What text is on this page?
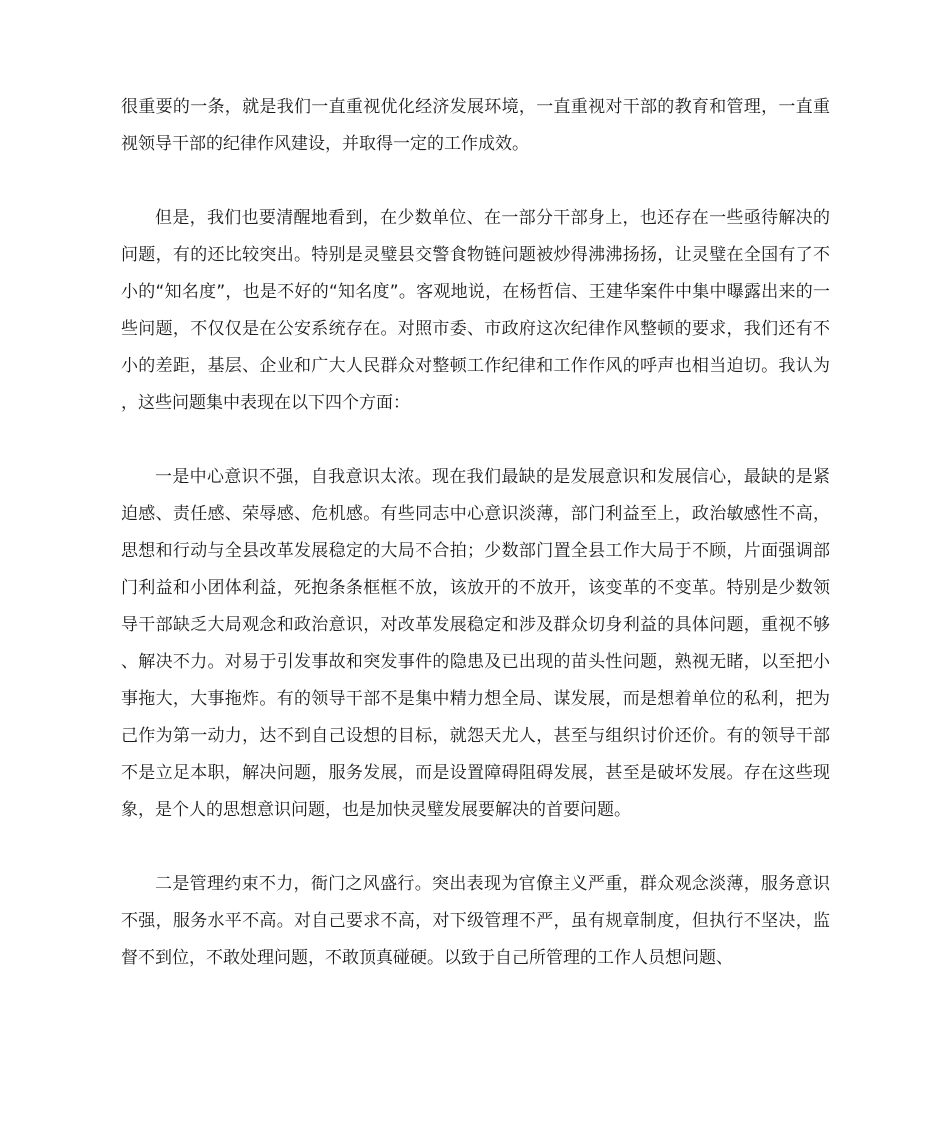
很重要的一条，就是我们一直重视优化经济发展环境，一直重视对干部的教育和管理，一直重视领导干部的纪律作风建设，并取得一定的工作成效。

但是，我们也要清醒地看到，在少数单位、在一部分干部身上，也还存在一些亟待解决的问题，有的还比较突出。特别是灵璧县交警食物链问题被炒得沸沸扬扬，让灵璧在全国有了不小的“知名度”，也是不好的“知名度”。客观地说，在杨哲信、王建华案件中集中曝露出来的一些问题，不仅仅是在公安系统存在。对照市委、市政府这次纪律作风整顿的要求，我们还有不小的差距，基层、企业和广大人民群众对整顿工作纪律和工作作风的呼声也相当迫切。我认为，这些问题集中表现在以下四个方面：

一是中心意识不强，自我意识太浓。现在我们最缺的是发展意识和发展信心，最缺的是紧迫感、责任感、荣辱感、危机感。有些同志中心意识淡薄，部门利益至上，政治敏感性不高，思想和行动与全县改革发展稳定的大局不合拍；少数部门置全县工作大局于不顾，片面强调部门利益和小团体利益，死抱条条框框不放，该放开的不放开，该变革的不变革。特别是少数领导干部缺乏大局观念和政治意识，对改革发展稳定和涉及群众切身利益的具体问题，重视不够、解决不力。对易于引发事故和突发事件的隐患及已出现的苗头性问题，熟视无睹，以至把小事拖大，大事拖炸。有的领导干部不是集中精力想全局、谋发展，而是想着单位的私利，把为己作为第一动力，达不到自己设想的目标，就怨天尤人，甚至与组织讨价还价。有的领导干部不是立足本职，解决问题，服务发展，而是设置障碍阻碍发展，甚至是破坏发展。存在这些现象，是个人的思想意识问题，也是加快灵璧发展要解决的首要问题。

二是管理约束不力，衙门之风盛行。突出表现为官僚主义严重，群众观念淡薄，服务意识不强，服务水平不高。对自己要求不高，对下级管理不严，虽有规章制度，但执行不坚决，监督不到位，不敢处理问题，不敢顶真碰硬。以致于自己所管理的工作人员想问题、
